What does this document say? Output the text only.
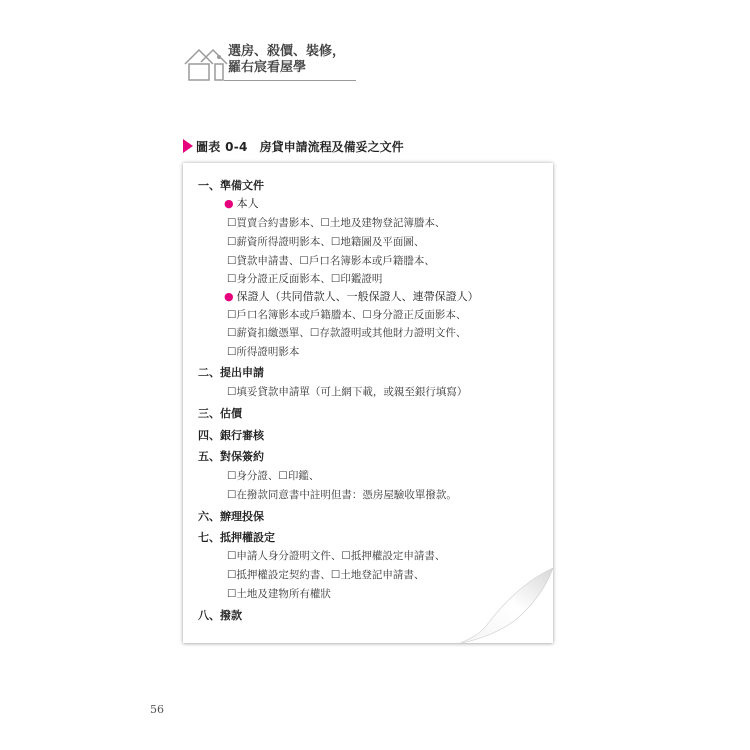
選房、殺價、裝修，
羅右宸看屋學
圖表 0-4 房貸申請流程及備妥之文件
一、準備文件
● 本人
☐買賣合約書影本、☐土地及建物登記簿謄本、
☐薪資所得證明影本、☐地籍圖及平面圖、
☐貸款申請書、☐戶口名簿影本或戶籍謄本、
☐身分證正反面影本、☐印鑑證明
● 保證人（共同借款人、一般保證人、連帶保證人）
☐戶口名簿影本或戶籍謄本、☐身分證正反面影本、
☐薪資扣繳憑單、☐存款證明或其他財力證明文件、
☐所得證明影本
二、提出申請
☐填妥貸款申請單（可上網下載，或親至銀行填寫）
三、估價
四、銀行審核
五、對保簽約
☐身分證、☐印鑑、
☐在撥款同意書中註明但書：憑房屋驗收單撥款。
六、辦理投保
七、抵押權設定
☐申請人身分證明文件、☐抵押權設定申請書、
☐抵押權設定契約書、☐土地登記申請書、
☐土地及建物所有權狀
八、撥款
56
